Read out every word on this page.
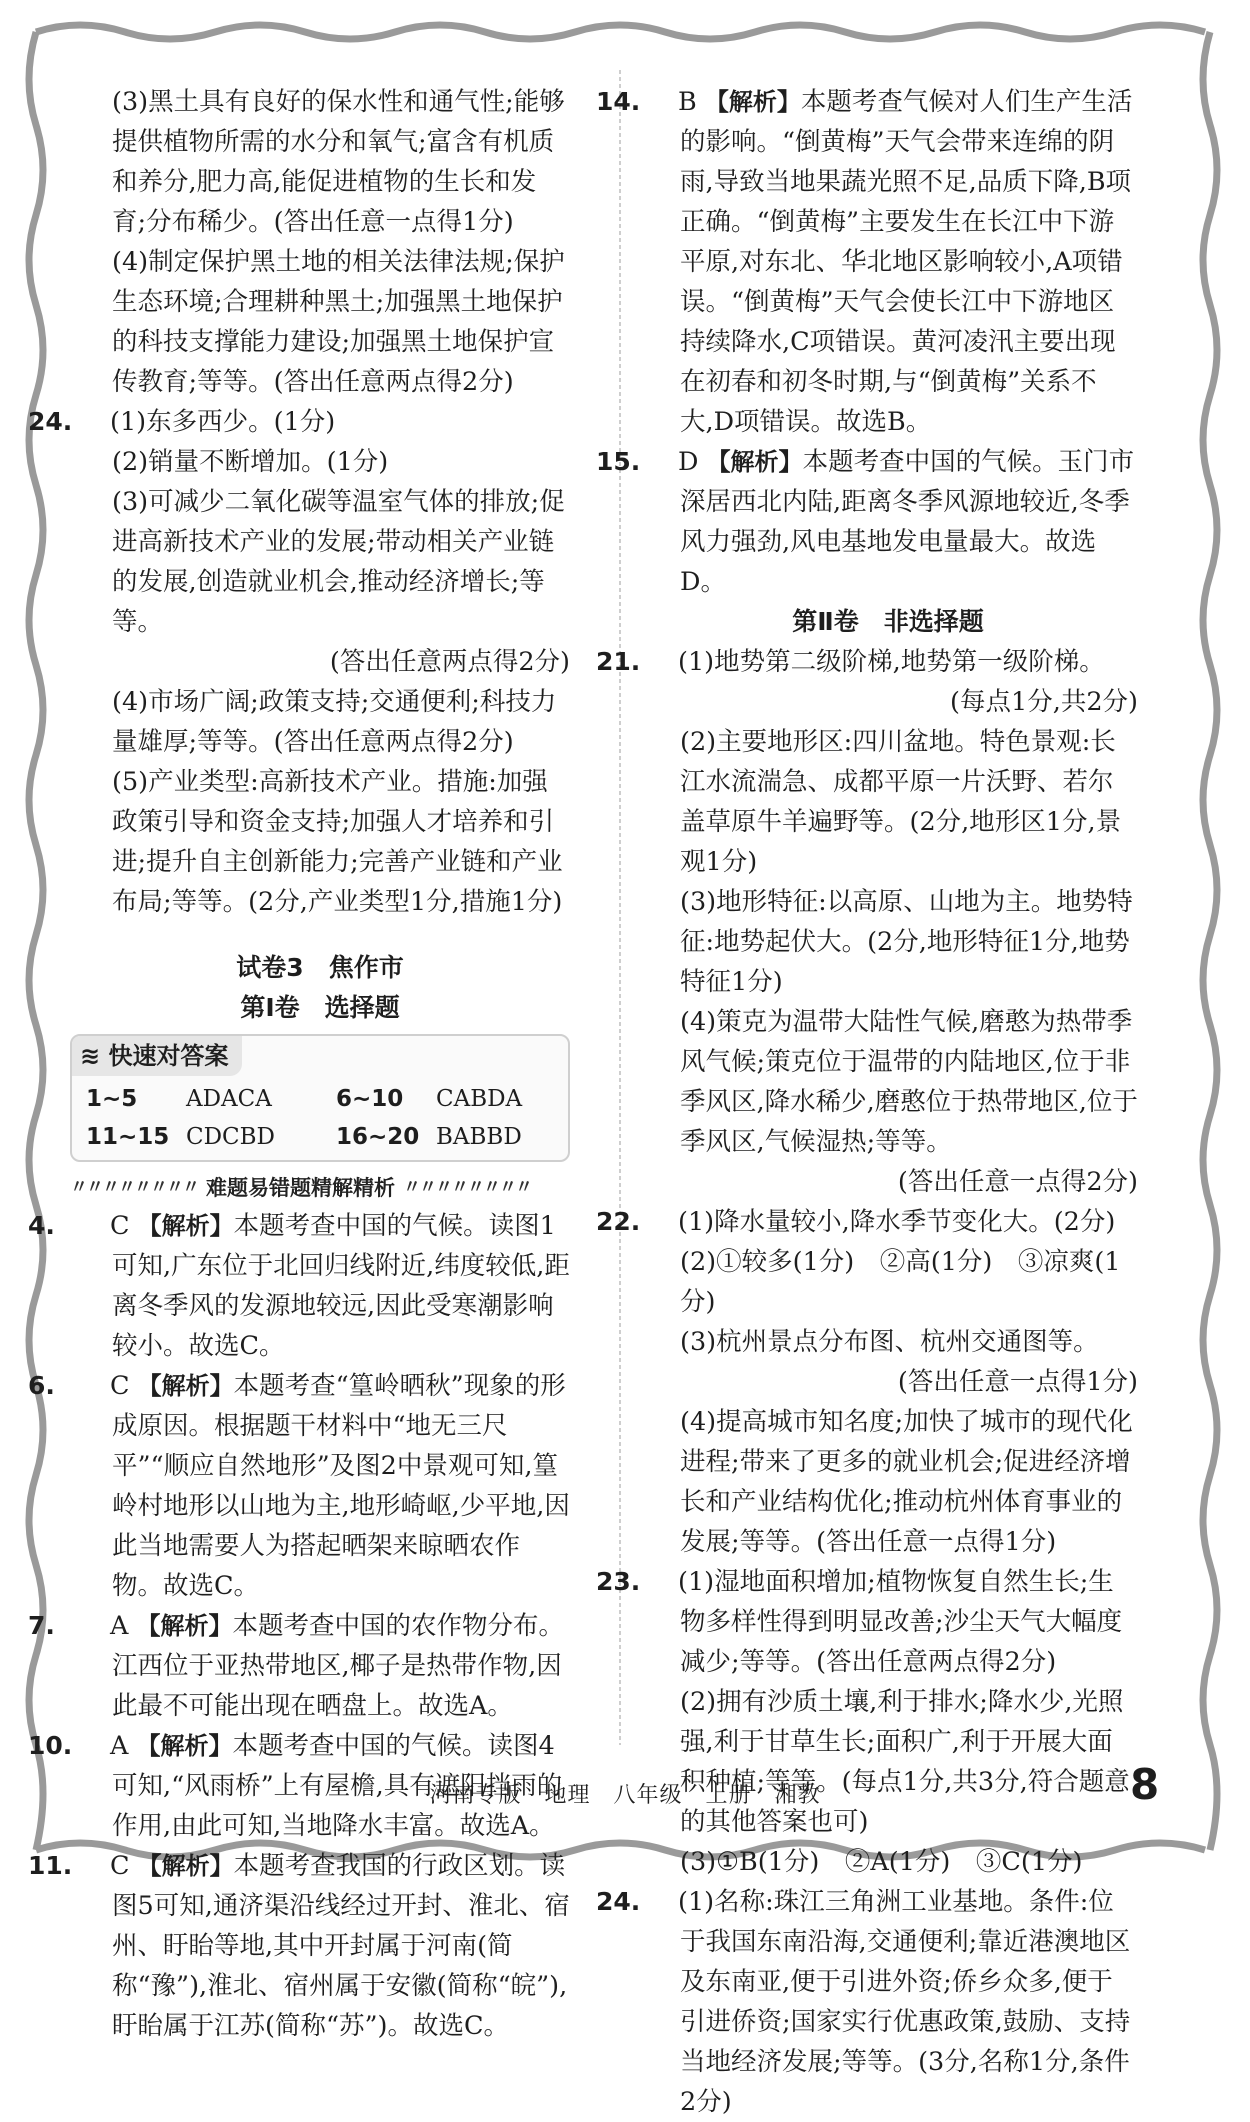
(3)黑土具有良好的保水性和通气性;能够提供植物所需的水分和氧气;富含有机质和养分,肥力高,能促进植物的生长和发育;分布稀少。(答出任意一点得1分)
(4)制定保护黑土地的相关法律法规;保护生态环境;合理耕种黑土;加强黑土地保护的科技支撑能力建设;加强黑土地保护宣传教育;等等。(答出任意两点得2分)
24. (1)东多西少。(1分)
(2)销量不断增加。(1分)
(3)可减少二氧化碳等温室气体的排放;促进高新技术产业的发展;带动相关产业链的发展,创造就业机会,推动经济增长;等等。
(答出任意两点得2分)
(4)市场广阔;政策支持;交通便利;科技力量雄厚;等等。(答出任意两点得2分)
(5)产业类型:高新技术产业。措施:加强政策引导和资金支持;加强人才培养和引进;提升自主创新能力;完善产业链和产业布局;等等。(2分,产业类型1分,措施1分)
试卷3　焦作市
第Ⅰ卷　选择题
≋ 快速对答案
1~5	ADACA	6~10	CABDA
11~15 CDCBD	16~20 BABBD
〃〃〃〃〃〃〃〃 难题易错题精解精析 〃〃〃〃〃〃〃〃
4. C 【解析】本题考查中国的气候。读图1可知,广东位于北回归线附近,纬度较低,距离冬季风的发源地较远,因此受寒潮影响较小。故选C。
6. C 【解析】本题考查“篁岭晒秋”现象的形成原因。根据题干材料中“地无三尺平”“顺应自然地形”及图2中景观可知,篁岭村地形以山地为主,地形崎岖,少平地,因此当地需要人为搭起晒架来晾晒农作物。故选C。
7. A 【解析】本题考查中国的农作物分布。江西位于亚热带地区,椰子是热带作物,因此最不可能出现在晒盘上。故选A。
10. A 【解析】本题考查中国的气候。读图4可知,“风雨桥”上有屋檐,具有遮阳挡雨的作用,由此可知,当地降水丰富。故选A。
11. C 【解析】本题考查我国的行政区划。读图5可知,通济渠沿线经过开封、淮北、宿州、盱眙等地,其中开封属于河南(简称“豫”),淮北、宿州属于安徽(简称“皖”),盱眙属于江苏(简称“苏”)。故选C。
14. B 【解析】本题考查气候对人们生产生活的影响。“倒黄梅”天气会带来连绵的阴雨,导致当地果蔬光照不足,品质下降,B项正确。“倒黄梅”主要发生在长江中下游平原,对东北、华北地区影响较小,A项错误。“倒黄梅”天气会使长江中下游地区持续降水,C项错误。黄河凌汛主要出现在初春和初冬时期,与“倒黄梅”关系不大,D项错误。故选B。
15. D 【解析】本题考查中国的气候。玉门市深居西北内陆,距离冬季风源地较近,冬季风力强劲,风电基地发电量最大。故选D。
第Ⅱ卷　非选择题
21. (1)地势第二级阶梯,地势第一级阶梯。
(每点1分,共2分)
(2)主要地形区:四川盆地。特色景观:长江水流湍急、成都平原一片沃野、若尔盖草原牛羊遍野等。(2分,地形区1分,景观1分)
(3)地形特征:以高原、山地为主。地势特征:地势起伏大。(2分,地形特征1分,地势特征1分)
(4)策克为温带大陆性气候,磨憨为热带季风气候;策克位于温带的内陆地区,位于非季风区,降水稀少,磨憨位于热带地区,位于季风区,气候湿热;等等。
(答出任意一点得2分)
22. (1)降水量较小,降水季节变化大。(2分)
(2)①较多(1分)　②高(1分)　③凉爽(1分)
(3)杭州景点分布图、杭州交通图等。
(答出任意一点得1分)
(4)提高城市知名度;加快了城市的现代化进程;带来了更多的就业机会;促进经济增长和产业结构优化;推动杭州体育事业的发展;等等。(答出任意一点得1分)
23. (1)湿地面积增加;植物恢复自然生长;生物多样性得到明显改善;沙尘天气大幅度减少;等等。(答出任意两点得2分)
(2)拥有沙质土壤,利于排水;降水少,光照强,利于甘草生长;面积广,利于开展大面积种植;等等。(每点1分,共3分,符合题意的其他答案也可)
(3)①B(1分)　②A(1分)　③C(1分)
24. (1)名称:珠江三角洲工业基地。条件:位于我国东南沿海,交通便利;靠近港澳地区及东南亚,便于引进外资;侨乡众多,便于引进侨资;国家实行优惠政策,鼓励、支持当地经济发展;等等。(3分,名称1分,条件2分)
河南专版　地理　八年级　上册　湘教	8
